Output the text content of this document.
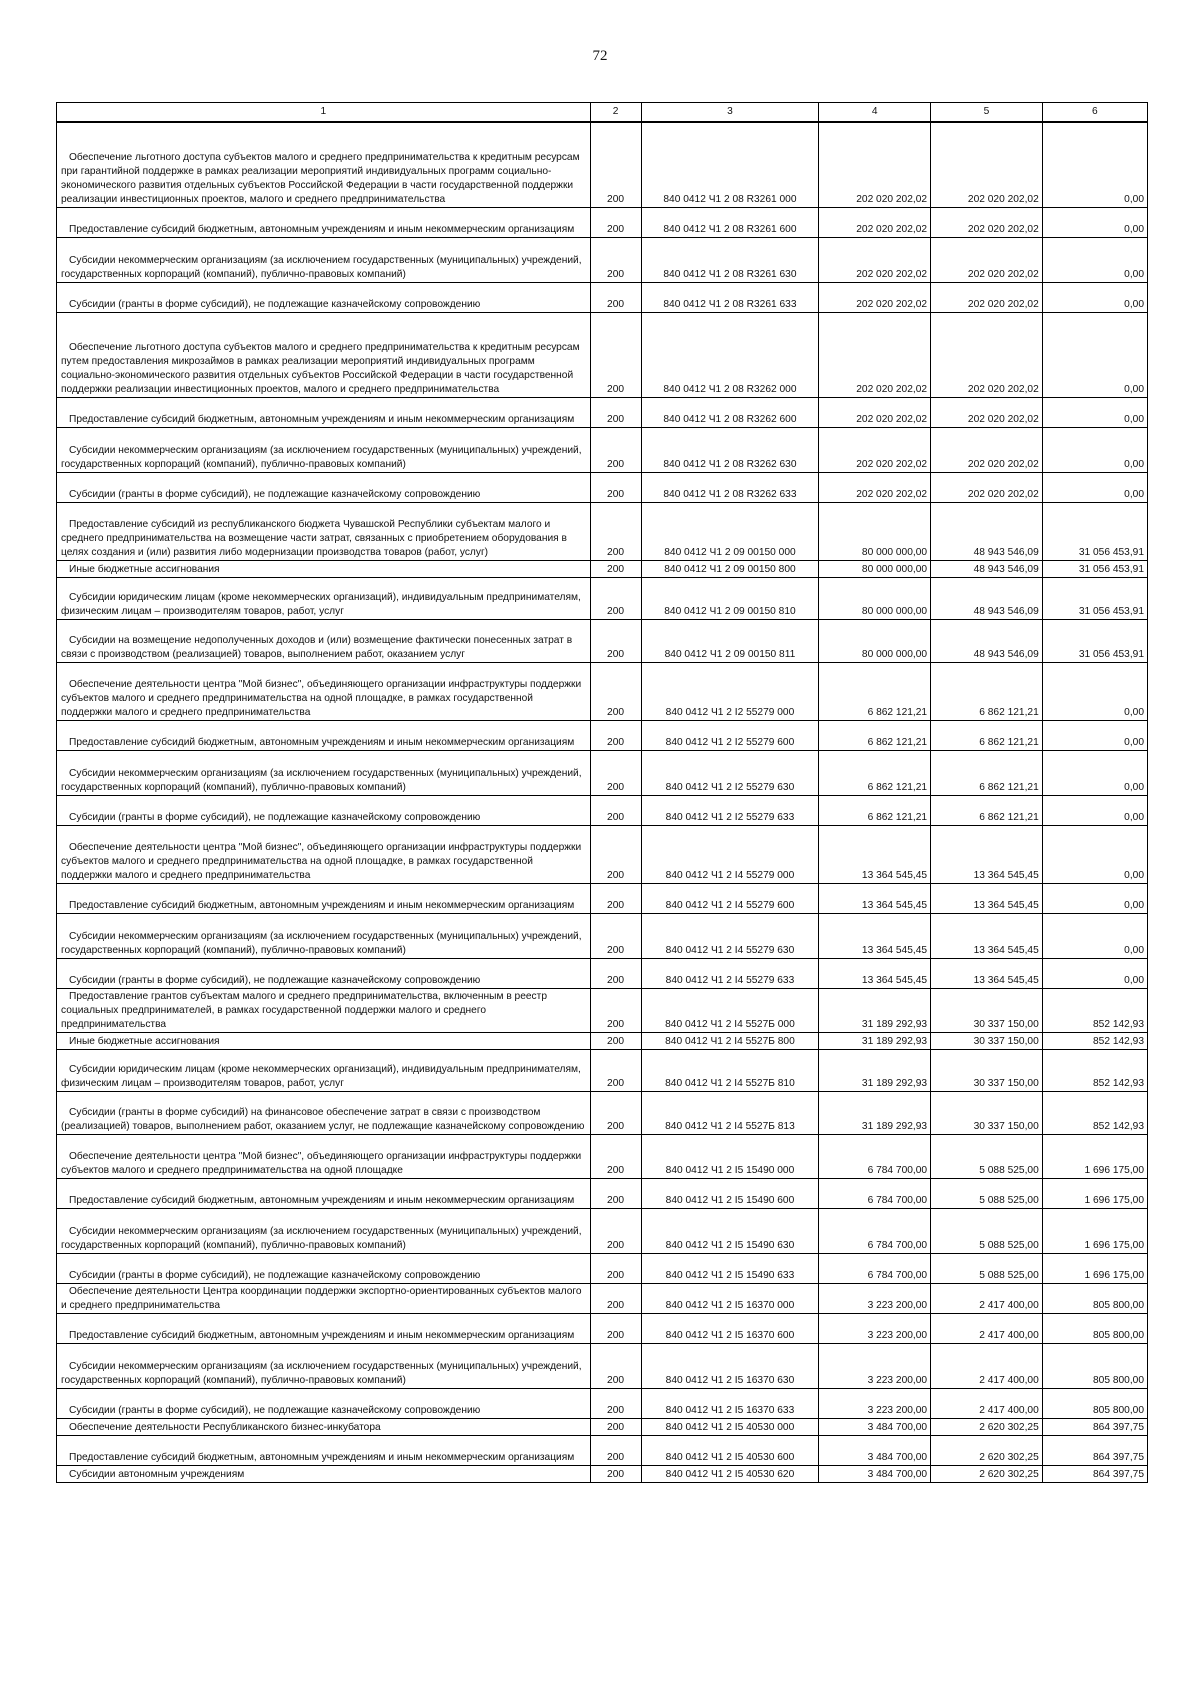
72
1	2	3	4	5	6

Обеспечение льготного доступа субъектов малого и среднего предпринимательства к кредитным ресурсам при гарантийной поддержке в рамках реализации мероприятий индивидуальных программ социально-экономического развития отдельных субъектов Российской Федерации в части государственной поддержки реализации инвестиционных проектов, малого и среднего предпринимательства	200	840 0412 Ч1 2 08 R3261 000	202 020 202,02	202 020 202,02	0,00

Предоставление субсидий бюджетным, автономным учреждениям и иным некоммерческим организациям	200	840 0412 Ч1 2 08 R3261 600	202 020 202,02	202 020 202,02	0,00

Субсидии некоммерческим организациям (за исключением государственных (муниципальных) учреждений, государственных корпораций (компаний), публично-правовых компаний)	200	840 0412 Ч1 2 08 R3261 630	202 020 202,02	202 020 202,02	0,00

Субсидии (гранты в форме субсидий), не подлежащие казначейскому сопровождению	200	840 0412 Ч1 2 08 R3261 633	202 020 202,02	202 020 202,02	0,00

Обеспечение льготного доступа субъектов малого и среднего предпринимательства к кредитным ресурсам путем предоставления микрозаймов в рамках реализации мероприятий индивидуальных программ социально-экономического развития отдельных субъектов Российской Федерации в части государственной поддержки реализации инвестиционных проектов, малого и среднего предпринимательства	200	840 0412 Ч1 2 08 R3262 000	202 020 202,02	202 020 202,02	0,00

Предоставление субсидий бюджетным, автономным учреждениям и иным некоммерческим организациям	200	840 0412 Ч1 2 08 R3262 600	202 020 202,02	202 020 202,02	0,00

Субсидии некоммерческим организациям (за исключением государственных (муниципальных) учреждений, государственных корпораций (компаний), публично-правовых компаний)	200	840 0412 Ч1 2 08 R3262 630	202 020 202,02	202 020 202,02	0,00

Субсидии (гранты в форме субсидий), не подлежащие казначейскому сопровождению	200	840 0412 Ч1 2 08 R3262 633	202 020 202,02	202 020 202,02	0,00

Предоставление субсидий из республиканского бюджета Чувашской Республики субъектам малого и среднего предпринимательства на возмещение части затрат, связанных с приобретением оборудования в целях создания и (или) развития либо модернизации производства товаров (работ, услуг)	200	840 0412 Ч1 2 09 00150 000	80 000 000,00	48 943 546,09	31 056 453,91

Иные бюджетные ассигнования	200	840 0412 Ч1 2 09 00150 800	80 000 000,00	48 943 546,09	31 056 453,91

Субсидии юридическим лицам (кроме некоммерческих организаций), индивидуальным предпринимателям, физическим лицам – производителям товаров, работ, услуг	200	840 0412 Ч1 2 09 00150 810	80 000 000,00	48 943 546,09	31 056 453,91

Субсидии на возмещение недополученных доходов и (или) возмещение фактически понесенных затрат в связи с производством (реализацией) товаров, выполнением работ, оказанием услуг	200	840 0412 Ч1 2 09 00150 811	80 000 000,00	48 943 546,09	31 056 453,91

Обеспечение деятельности центра "Мой бизнес", объединяющего организации инфраструктуры поддержки субъектов малого и среднего предпринимательства на одной площадке, в рамках государственной поддержки малого и среднего предпринимательства	200	840 0412 Ч1 2 I2 55279 000	6 862 121,21	6 862 121,21	0,00

Предоставление субсидий бюджетным, автономным учреждениям и иным некоммерческим организациям	200	840 0412 Ч1 2 I2 55279 600	6 862 121,21	6 862 121,21	0,00

Субсидии некоммерческим организациям (за исключением государственных (муниципальных) учреждений, государственных корпораций (компаний), публично-правовых компаний)	200	840 0412 Ч1 2 I2 55279 630	6 862 121,21	6 862 121,21	0,00

Субсидии (гранты в форме субсидий), не подлежащие казначейскому сопровождению	200	840 0412 Ч1 2 I2 55279 633	6 862 121,21	6 862 121,21	0,00

Обеспечение деятельности центра "Мой бизнес", объединяющего организации инфраструктуры поддержки субъектов малого и среднего предпринимательства на одной площадке, в рамках государственной поддержки малого и среднего предпринимательства	200	840 0412 Ч1 2 I4 55279 000	13 364 545,45	13 364 545,45	0,00

Предоставление субсидий бюджетным, автономным учреждениям и иным некоммерческим организациям	200	840 0412 Ч1 2 I4 55279 600	13 364 545,45	13 364 545,45	0,00

Субсидии некоммерческим организациям (за исключением государственных (муниципальных) учреждений, государственных корпораций (компаний), публично-правовых компаний)	200	840 0412 Ч1 2 I4 55279 630	13 364 545,45	13 364 545,45	0,00

Субсидии (гранты в форме субсидий), не подлежащие казначейскому сопровождению	200	840 0412 Ч1 2 I4 55279 633	13 364 545,45	13 364 545,45	0,00

Предоставление грантов субъектам малого и среднего предпринимательства, включенным в реестр социальных предпринимателей, в рамках государственной поддержки малого и среднего предпринимательства	200	840 0412 Ч1 2 I4 5527Б 000	31 189 292,93	30 337 150,00	852 142,93

Иные бюджетные ассигнования	200	840 0412 Ч1 2 I4 5527Б 800	31 189 292,93	30 337 150,00	852 142,93

Субсидии юридическим лицам (кроме некоммерческих организаций), индивидуальным предпринимателям, физическим лицам – производителям товаров, работ, услуг	200	840 0412 Ч1 2 I4 5527Б 810	31 189 292,93	30 337 150,00	852 142,93

Субсидии (гранты в форме субсидий) на финансовое обеспечение затрат в связи с производством (реализацией) товаров, выполнением работ, оказанием услуг, не подлежащие казначейскому сопровождению	200	840 0412 Ч1 2 I4 5527Б 813	31 189 292,93	30 337 150,00	852 142,93

Обеспечение деятельности центра "Мой бизнес", объединяющего организации инфраструктуры поддержки субъектов малого и среднего предпринимательства на одной площадке	200	840 0412 Ч1 2 I5 15490 000	6 784 700,00	5 088 525,00	1 696 175,00

Предоставление субсидий бюджетным, автономным учреждениям и иным некоммерческим организациям	200	840 0412 Ч1 2 I5 15490 600	6 784 700,00	5 088 525,00	1 696 175,00

Субсидии некоммерческим организациям (за исключением государственных (муниципальных) учреждений, государственных корпораций (компаний), публично-правовых компаний)	200	840 0412 Ч1 2 I5 15490 630	6 784 700,00	5 088 525,00	1 696 175,00

Субсидии (гранты в форме субсидий), не подлежащие казначейскому сопровождению	200	840 0412 Ч1 2 I5 15490 633	6 784 700,00	5 088 525,00	1 696 175,00

Обеспечение деятельности Центра координации поддержки экспортно-ориентированных субъектов малого и среднего предпринимательства	200	840 0412 Ч1 2 I5 16370 000	3 223 200,00	2 417 400,00	805 800,00

Предоставление субсидий бюджетным, автономным учреждениям и иным некоммерческим организациям	200	840 0412 Ч1 2 I5 16370 600	3 223 200,00	2 417 400,00	805 800,00

Субсидии некоммерческим организациям (за исключением государственных (муниципальных) учреждений, государственных корпораций (компаний), публично-правовых компаний)	200	840 0412 Ч1 2 I5 16370 630	3 223 200,00	2 417 400,00	805 800,00

Субсидии (гранты в форме субсидий), не подлежащие казначейскому сопровождению	200	840 0412 Ч1 2 I5 16370 633	3 223 200,00	2 417 400,00	805 800,00

Обеспечение деятельности Республиканского бизнес-инкубатора	200	840 0412 Ч1 2 I5 40530 000	3 484 700,00	2 620 302,25	864 397,75

Предоставление субсидий бюджетным, автономным учреждениям и иным некоммерческим организациям	200	840 0412 Ч1 2 I5 40530 600	3 484 700,00	2 620 302,25	864 397,75

Субсидии автономным учреждениям	200	840 0412 Ч1 2 I5 40530 620	3 484 700,00	2 620 302,25	864 397,75
